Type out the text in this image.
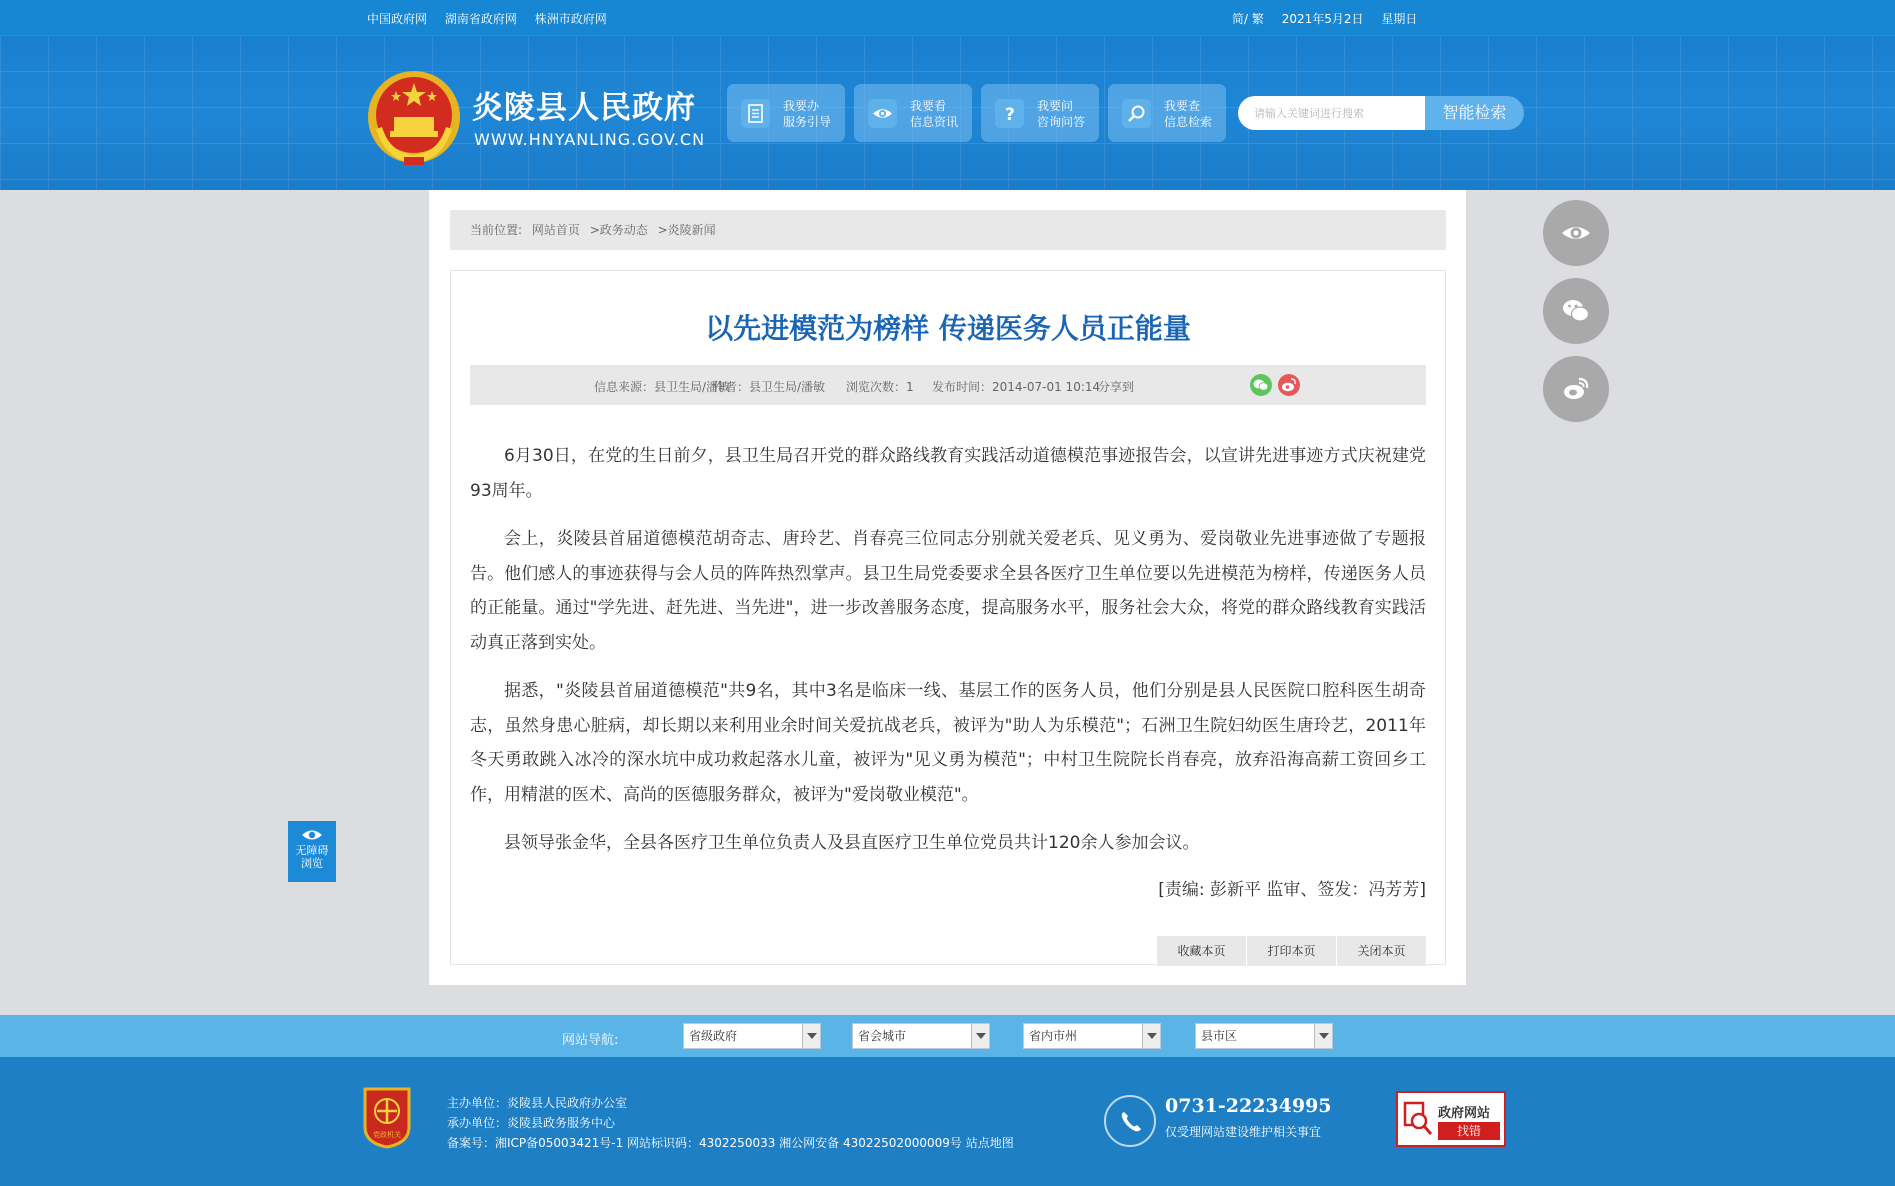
中国政府网 湖南省政府网 株洲市政府网	简/ 繁 2021年5月2日 星期日
炎陵县人民政府
WWW.HNYANLING.GOV.CN
我要办
服务引导
我要看
信息资讯	? 我要问
咨询问答
我要查
信息检索
请输入关键词进行搜索	智能检索
当前位置: 网站首页 >政务动态 >炎陵新闻
以先进模范为榜样 传递医务人员正能量
信息来源：县卫生局/潘敏
作者：县卫生局/潘敏 浏览次数：1 发布时间：2014-07-01 10:14
分享到

6月30日，在党的生日前夕，县卫生局召开党的群众路线教育实践活动道德模范事迹报告会，以宣讲先进事迹方式庆祝建党93周年。

会上，炎陵县首届道德模范胡奇志、唐玲艺、肖春亮三位同志分别就关爱老兵、见义勇为、爱岗敬业先进事迹做了专题报告。他们感人的事迹获得与会人员的阵阵热烈掌声。县卫生局党委要求全县各医疗卫生单位要以先进模范为榜样，传递医务人员的正能量。通过"学先进、赶先进、当先进"，进一步改善服务态度，提高服务水平，服务社会大众，将党的群众路线教育实践活动真正落到实处。

据悉，"炎陵县首届道德模范"共9名，其中3名是临床一线、基层工作的医务人员，他们分别是县人民医院口腔科医生胡奇志，虽然身患心脏病，却长期以来利用业余时间关爱抗战老兵，被评为"助人为乐模范"；石洲卫生院妇幼医生唐玲艺，2011年冬天勇敢跳入冰冷的深水坑中成功救起落水儿童，被评为"见义勇为模范"；中村卫生院院长肖春亮，放弃沿海高薪工资回乡工作，用精湛的医术、高尚的医德服务群众，被评为"爱岗敬业模范"。

县领导张金华，全县各医疗卫生单位负责人及县直医疗卫生单位党员共计120余人参加会议。

[责编: 彭新平 监审、签发：冯芳芳]
收藏本页	打印本页	关闭本页
无障碍
浏览
网站导航:	省级政府	省会城市	省内市州	县市区
党政机关
主办单位：炎陵县人民政府办公室
承办单位：炎陵县政务服务中心
备案号：湘ICP备05003421号-1 网站标识码：4302250033 湘公网安备 43022502000009号 站点地图
0731-22234995
仅受理网站建设维护相关事宜
政府网站
找错
